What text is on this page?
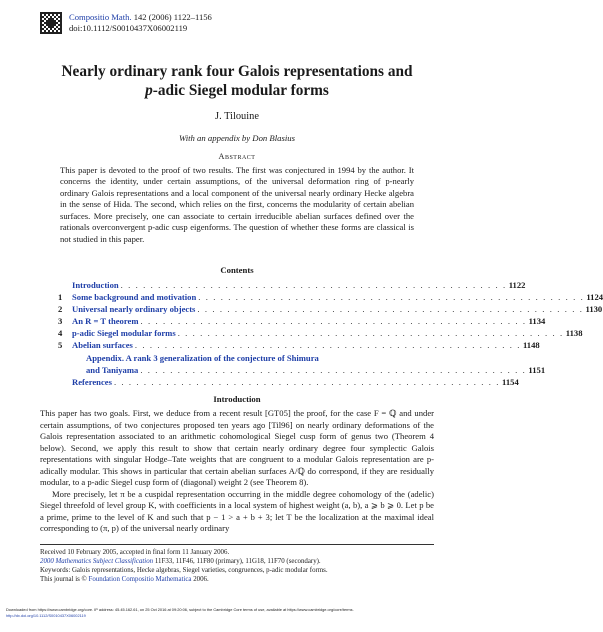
Compositio Math. 142 (2006) 1122–1156
doi:10.1112/S0010437X06002119
Nearly ordinary rank four Galois representations and
p-adic Siegel modular forms
J. Tilouine
With an appendix by Don Blasius
Abstract
This paper is devoted to the proof of two results. The first was conjectured in 1994 by the author. It concerns the identity, under certain assumptions, of the universal deformation ring of p-nearly ordinary Galois representations and a local component of the universal nearly ordinary Hecke algebra in the sense of Hida. The second, which relies on the first, concerns the modularity of certain abelian surfaces. More precisely, one can associate to certain irreducible abelian surfaces defined over the rationals overconvergent p-adic cusp eigenforms. The question of whether these forms are classical is not studied in this paper.
Contents
Introduction . . . . . . . . . . . . . . . . . . . . . . . . . . . . . . . . . . . . . . . . . . . . . . . . . . . . 1122
1	Some background and motivation . . . . . . . . . . . . . . . . . . . . . . . . . . . . . . . . . . . . . . . . . . . . . . . . . . . . 1124
2	Universal nearly ordinary objects . . . . . . . . . . . . . . . . . . . . . . . . . . . . . . . . . . . . . . . . . . . . . . . . . . . . 1130
3	An R = T theorem . . . . . . . . . . . . . . . . . . . . . . . . . . . . . . . . . . . . . . . . . . . . . . . . . . . . 1134
4	p-adic Siegel modular forms . . . . . . . . . . . . . . . . . . . . . . . . . . . . . . . . . . . . . . . . . . . . . . . . . . . . 1138
5	Abelian surfaces . . . . . . . . . . . . . . . . . . . . . . . . . . . . . . . . . . . . . . . . . . . . . . . . . . . . 1148
Appendix. A rank 3 generalization of the conjecture of Shimura
and Taniyama . . . . . . . . . . . . . . . . . . . . . . . . . . . . . . . . . . . . . . . . . . . . . . . . . . . . 1151
References . . . . . . . . . . . . . . . . . . . . . . . . . . . . . . . . . . . . . . . . . . . . . . . . . . . . 1154
Introduction

This paper has two goals. First, we deduce from a recent result [GT05] the proof, for the case F = ℚ and under certain assumptions, of two conjectures proposed ten years ago [Til96] on nearly ordinary deformations of the Galois representation associated to an arithmetic cohomological Siegel cusp form of genus two (Theorem 4 below). Second, we apply this result to show that certain nearly ordinary degree four symplectic Galois representations with singular Hodge–Tate weights that are congruent to a modular Galois representation are p-adically modular. This shows in particular that certain abelian surfaces A/ℚ do correspond, if they are residually modular, to a p-adic Siegel cusp form of (diagonal) weight 2 (see Theorem 8).

More precisely, let π be a cuspidal representation occurring in the middle degree cohomology of the (adelic) Siegel threefold of level group K, with coefficients in a local system of highest weight (a, b), a ⩾ b ⩾ 0. Let p be a prime, prime to the level of K and such that p − 1 > a + b + 3; let T be the localization at the maximal ideal corresponding to (π, p) of the universal nearly ordinary

Received 10 February 2005, accepted in final form 11 January 2006.
2000 Mathematics Subject Classification 11F33, 11F46, 11F80 (primary), 11G18, 11F70 (secondary).
Keywords: Galois representations, Hecke algebras, Siegel varieties, congruences, p-adic modular forms.
This journal is © Foundation Compositio Mathematica 2006.
Downloaded from https://www.cambridge.org/core. IP address: 45.45.162.61, on 25 Oct 2016 at 09:20:06, subject to the Cambridge Core terms of use, available at https://www.cambridge.org/core/terms.
http://dx.doi.org/10.1112/S0010437X06002119
